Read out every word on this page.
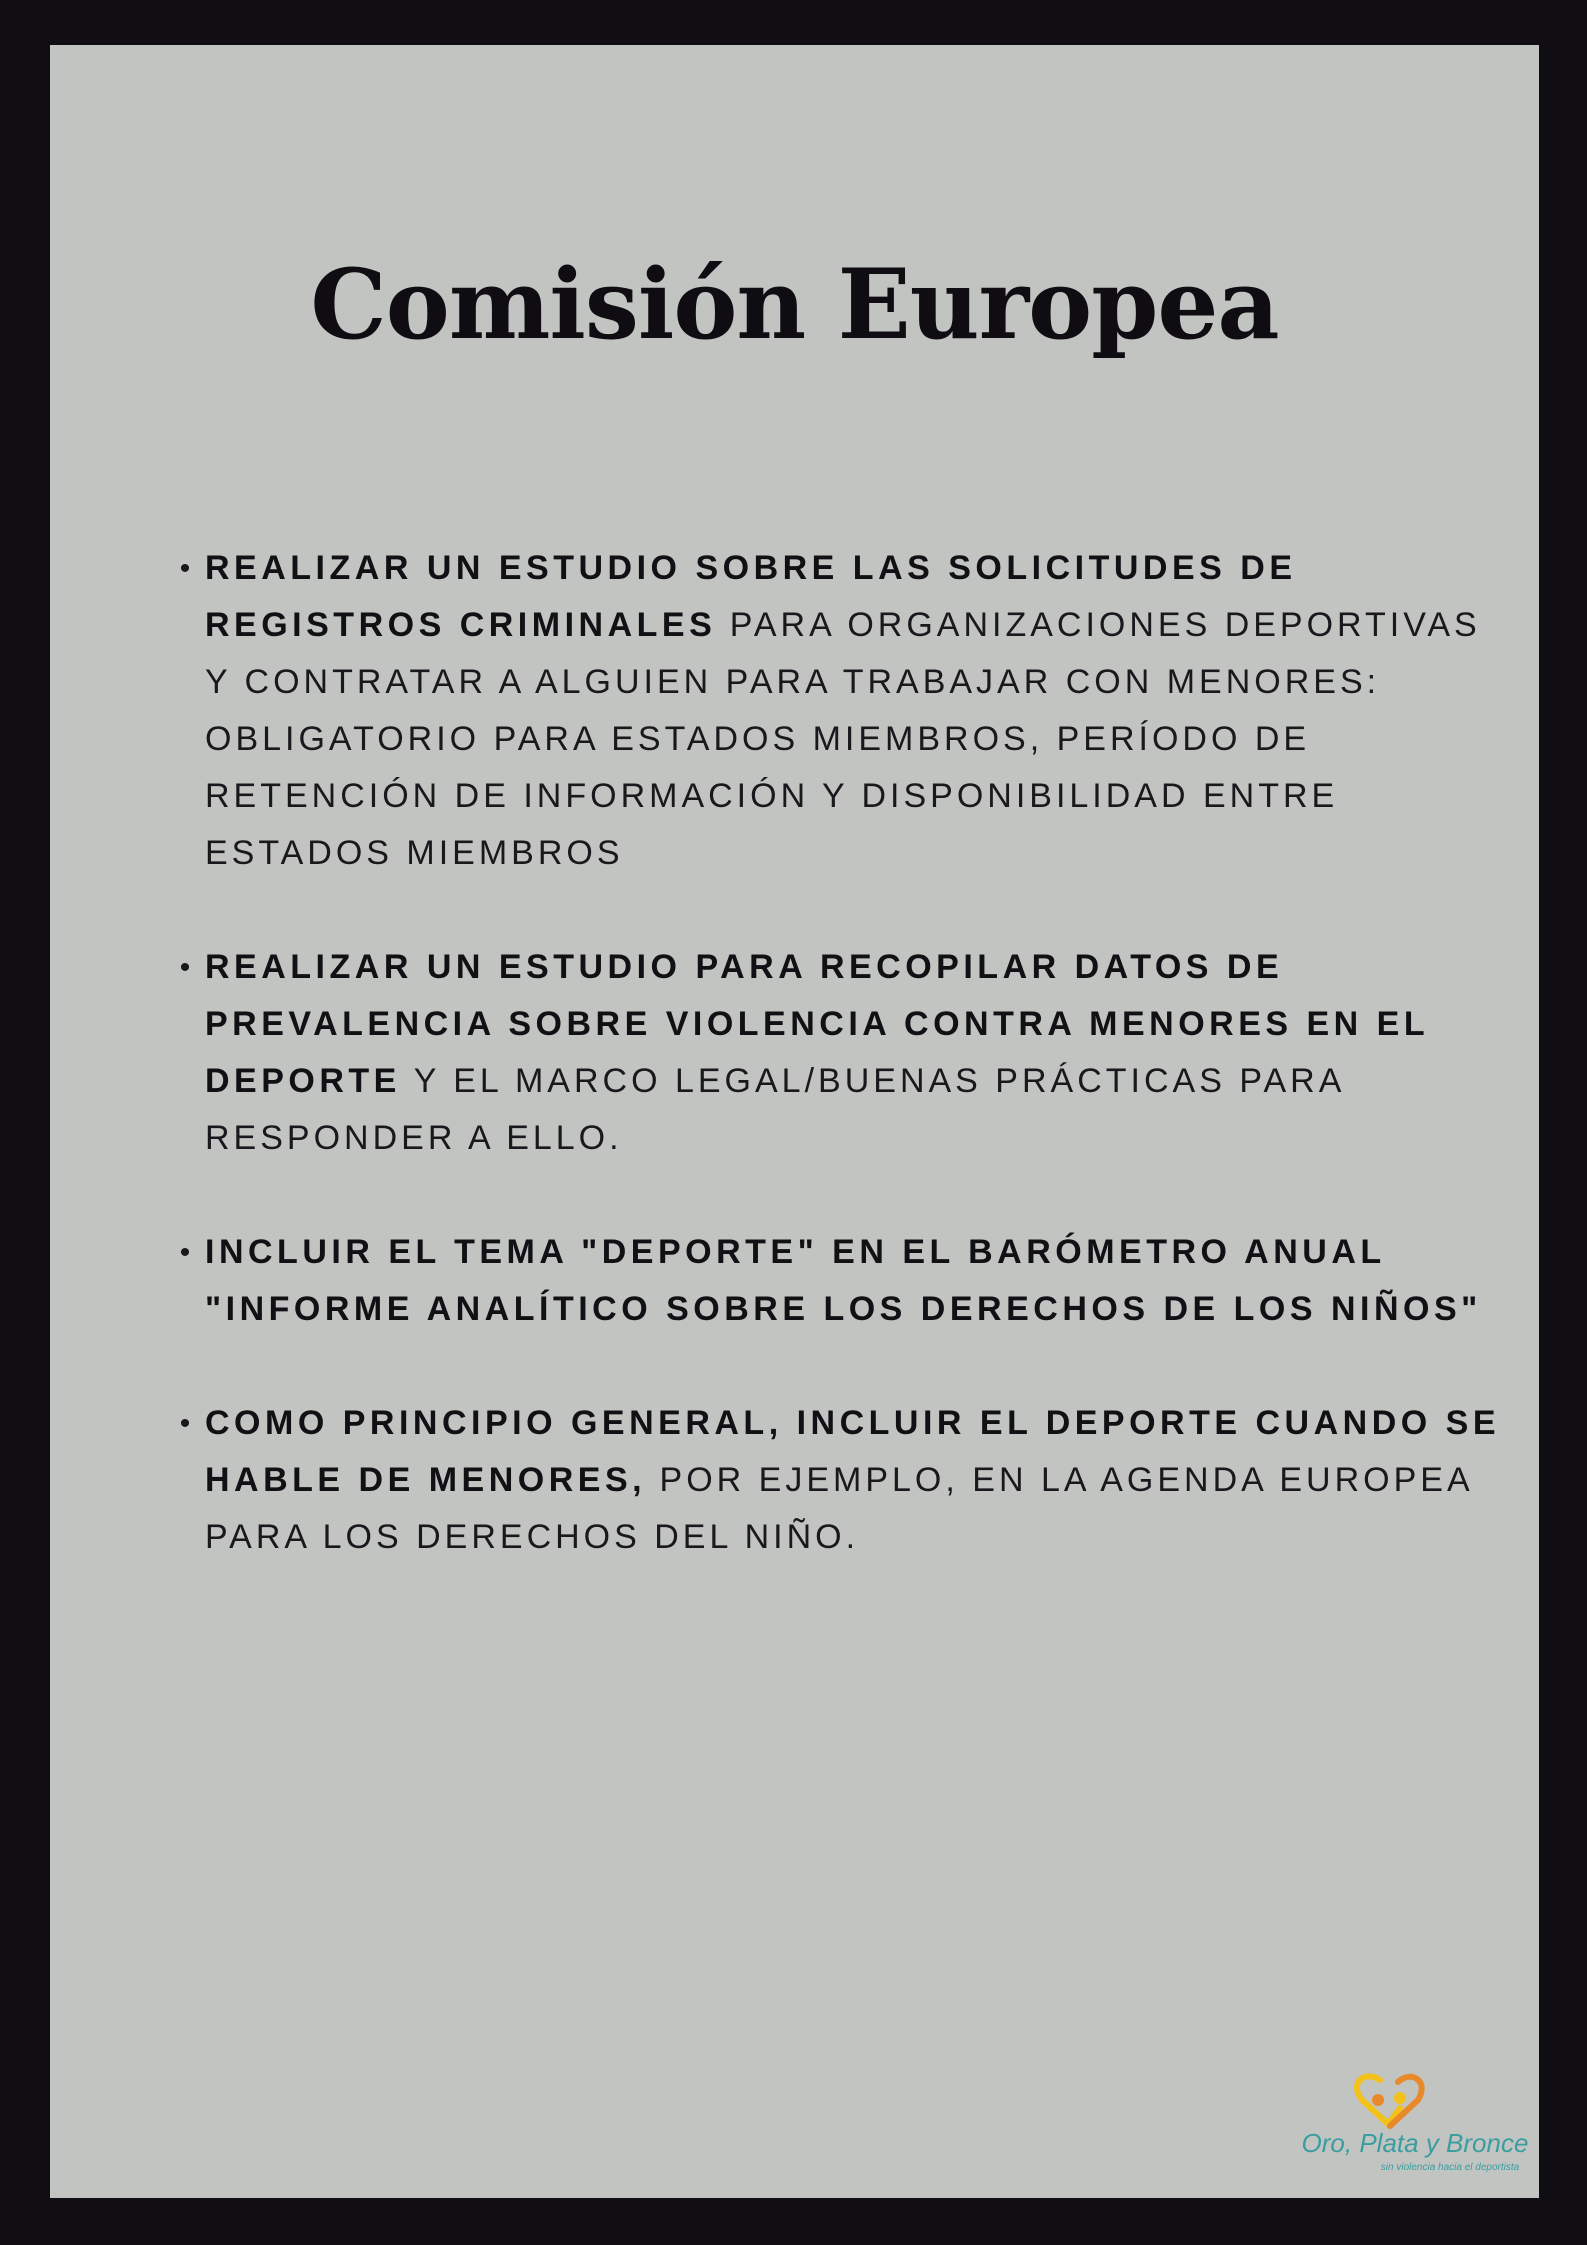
Comisión Europea
• REALIZAR UN ESTUDIO SOBRE LAS SOLICITUDES DE REGISTROS CRIMINALES PARA ORGANIZACIONES DEPORTIVAS Y CONTRATAR A ALGUIEN PARA TRABAJAR CON MENORES: OBLIGATORIO PARA ESTADOS MIEMBROS, PERÍODO DE RETENCIÓN DE INFORMACIÓN Y DISPONIBILIDAD ENTRE ESTADOS MIEMBROS
• REALIZAR UN ESTUDIO PARA RECOPILAR DATOS DE PREVALENCIA SOBRE VIOLENCIA CONTRA MENORES EN EL DEPORTE Y EL MARCO LEGAL/BUENAS PRÁCTICAS PARA RESPONDER A ELLO.
• INCLUIR EL TEMA "DEPORTE" EN EL BARÓMETRO ANUAL "INFORME ANALÍTICO SOBRE LOS DERECHOS DE LOS NIÑOS"
• COMO PRINCIPIO GENERAL, INCLUIR EL DEPORTE CUANDO SE HABLE DE MENORES, POR EJEMPLO, EN LA AGENDA EUROPEA PARA LOS DERECHOS DEL NIÑO.
Oro, Plata y Bronce
sin violencia hacia el deportista
